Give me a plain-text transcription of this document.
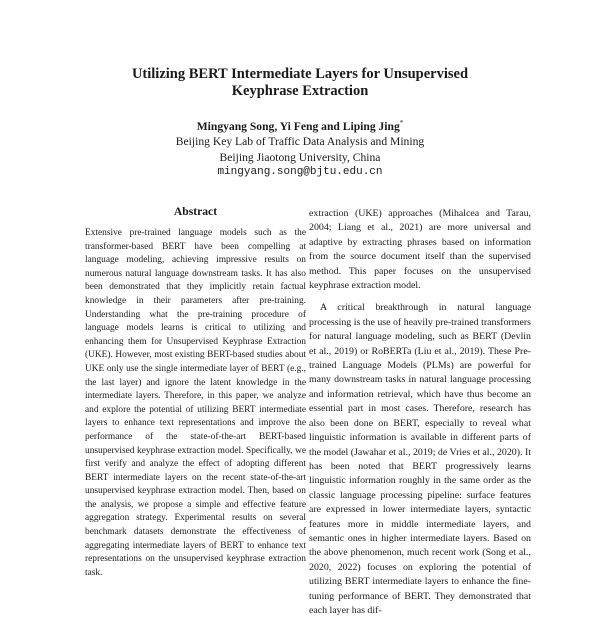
Utilizing BERT Intermediate Layers for Unsupervised
Keyphrase Extraction
Mingyang Song, Yi Feng and Liping Jing*
Beijing Key Lab of Traffic Data Analysis and Mining
Beijing Jiaotong University, China
mingyang.song@bjtu.edu.cn
Abstract
Extensive pre-trained language models such as the transformer-based BERT have been compelling at language modeling, achieving impressive results on numerous natural language downstream tasks. It has also been demonstrated that they implicitly retain factual knowledge in their parameters after pre-training. Understanding what the pre-training procedure of language models learns is critical to utilizing and enhancing them for Unsupervised Keyphrase Extraction (UKE). However, most existing BERT-based studies about UKE only use the single intermediate layer of BERT (e.g., the last layer) and ignore the latent knowledge in the intermediate layers. Therefore, in this paper, we analyze and explore the potential of utilizing BERT intermediate layers to enhance text representations and improve the performance of the state-of-the-art BERT-based unsupervised keyphrase extraction model. Specifically, we first verify and analyze the effect of adopting different BERT intermediate layers on the recent state-of-the-art unsupervised keyphrase extraction model. Then, based on the analysis, we propose a simple and effective feature aggregation strategy. Experimental results on several benchmark datasets demonstrate the effectiveness of aggregating intermediate layers of BERT to enhance text representations on the unsupervised keyphrase extraction task.

extraction (UKE) approaches (Mihalcea and Tarau, 2004; Liang et al., 2021) are more universal and adaptive by extracting phrases based on information from the source document itself than the supervised method. This paper focuses on the unsupervised keyphrase extraction model.

A critical breakthrough in natural language processing is the use of heavily pre-trained transformers for natural language modeling, such as BERT (Devlin et al., 2019) or RoBERTa (Liu et al., 2019). These Pre-trained Language Models (PLMs) are powerful for many downstream tasks in natural language processing and information retrieval, which have thus become an essential part in most cases. Therefore, research has also been done on BERT, especially to reveal what linguistic information is available in different parts of the model (Jawahar et al., 2019; de Vries et al., 2020). It has been noted that BERT progressively learns linguistic information roughly in the same order as the classic language processing pipeline: surface features are expressed in lower intermediate layers, syntactic features more in middle intermediate layers, and semantic ones in higher intermediate layers. Based on the above phenomenon, much recent work (Song et al., 2020, 2022) focuses on exploring the potential of utilizing BERT intermediate layers to enhance the fine-tuning performance of BERT. They demonstrated that each layer has dif-
